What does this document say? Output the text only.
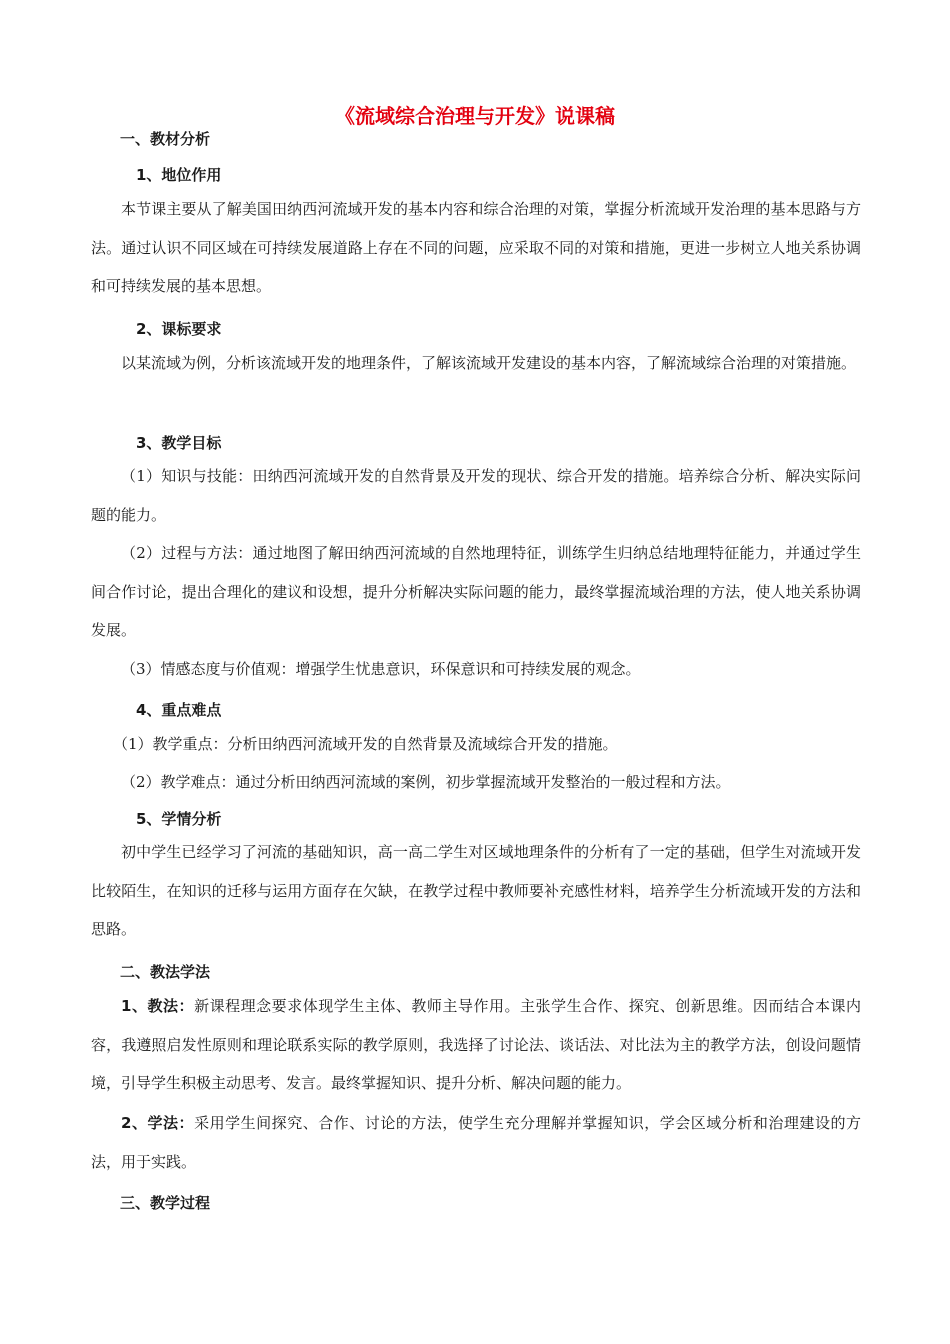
《流域综合治理与开发》说课稿
一、教材分析
1、地位作用
本节课主要从了解美国田纳西河流域开发的基本内容和综合治理的对策，掌握分析流域开发治理的基本思路与方法。通过认识不同区域在可持续发展道路上存在不同的问题，应采取不同的对策和措施，更进一步树立人地关系协调和可持续发展的基本思想。
2、课标要求
以某流域为例，分析该流域开发的地理条件，了解该流域开发建设的基本内容，了解流域综合治理的对策措施。
3、教学目标
（1）知识与技能：田纳西河流域开发的自然背景及开发的现状、综合开发的措施。培养综合分析、解决实际问题的能力。
（2）过程与方法：通过地图了解田纳西河流域的自然地理特征，训练学生归纳总结地理特征能力，并通过学生间合作讨论，提出合理化的建议和设想，提升分析解决实际问题的能力，最终掌握流域治理的方法，使人地关系协调发展。
（3）情感态度与价值观：增强学生忧患意识，环保意识和可持续发展的观念。
4、重点难点
（1）教学重点：分析田纳西河流域开发的自然背景及流域综合开发的措施。
（2）教学难点：通过分析田纳西河流域的案例，初步掌握流域开发整治的一般过程和方法。
5、学情分析
初中学生已经学习了河流的基础知识，高一高二学生对区域地理条件的分析有了一定的基础，但学生对流域开发比较陌生，在知识的迁移与运用方面存在欠缺，在教学过程中教师要补充感性材料，培养学生分析流域开发的方法和思路。
二、教法学法
1、教法：新课程理念要求体现学生主体、教师主导作用。主张学生合作、探究、创新思维。因而结合本课内容，我遵照启发性原则和理论联系实际的教学原则，我选择了讨论法、谈话法、对比法为主的教学方法，创设问题情境，引导学生积极主动思考、发言。最终掌握知识、提升分析、解决问题的能力。
2、学法：采用学生间探究、合作、讨论的方法，使学生充分理解并掌握知识，学会区域分析和治理建设的方法，用于实践。
三、教学过程
